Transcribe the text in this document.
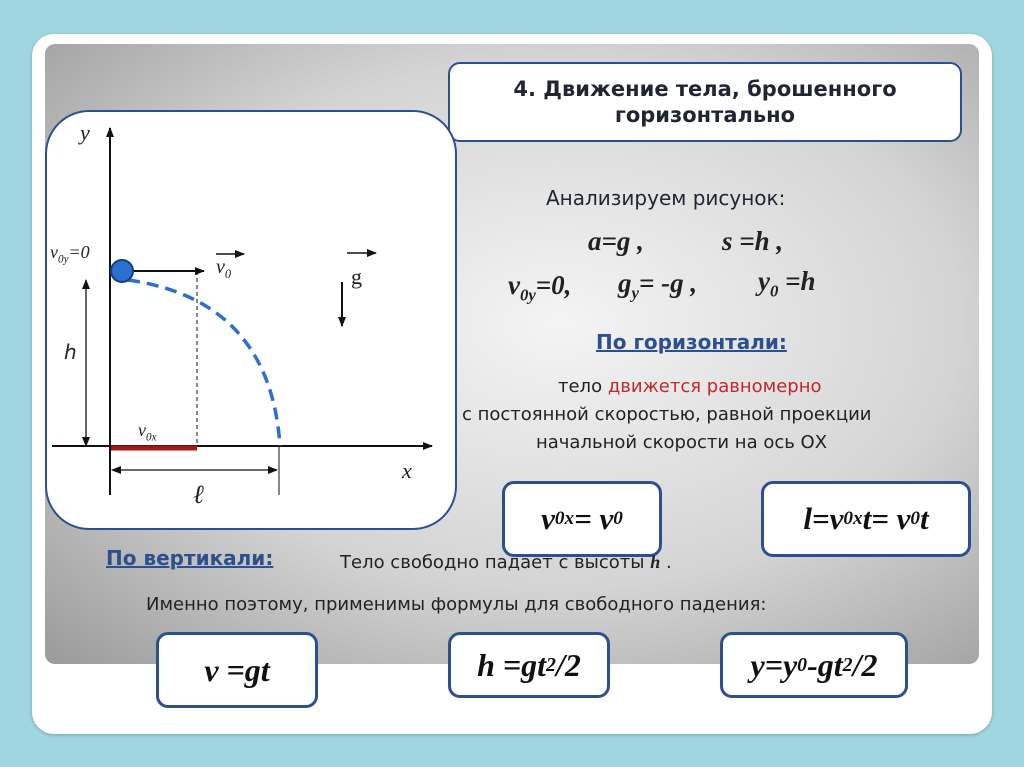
4. Движение тела, брошенного
горизонтально
y
x
$v_{0y}=0$
$v_0$	g
h
$v_{0x}$
ℓ
Анализируем рисунок:
a=g ,	s =h ,
$v_{0y}=0$, $g_y= -g$ , $y_0 =h$
По горизонтали:
тело движется равномерно
с постоянной скоростью, равной проекции
начальной скорости на ось ОХ
v 0x = v 0	l=v 0x t= v 0 t
По вертикали:	Тело свободно падает с высоты h .
Именно поэтому, применимы формулы для свободного падения:
v =gt	h =gt 2 /2	y=y 0 -gt 2 /2
